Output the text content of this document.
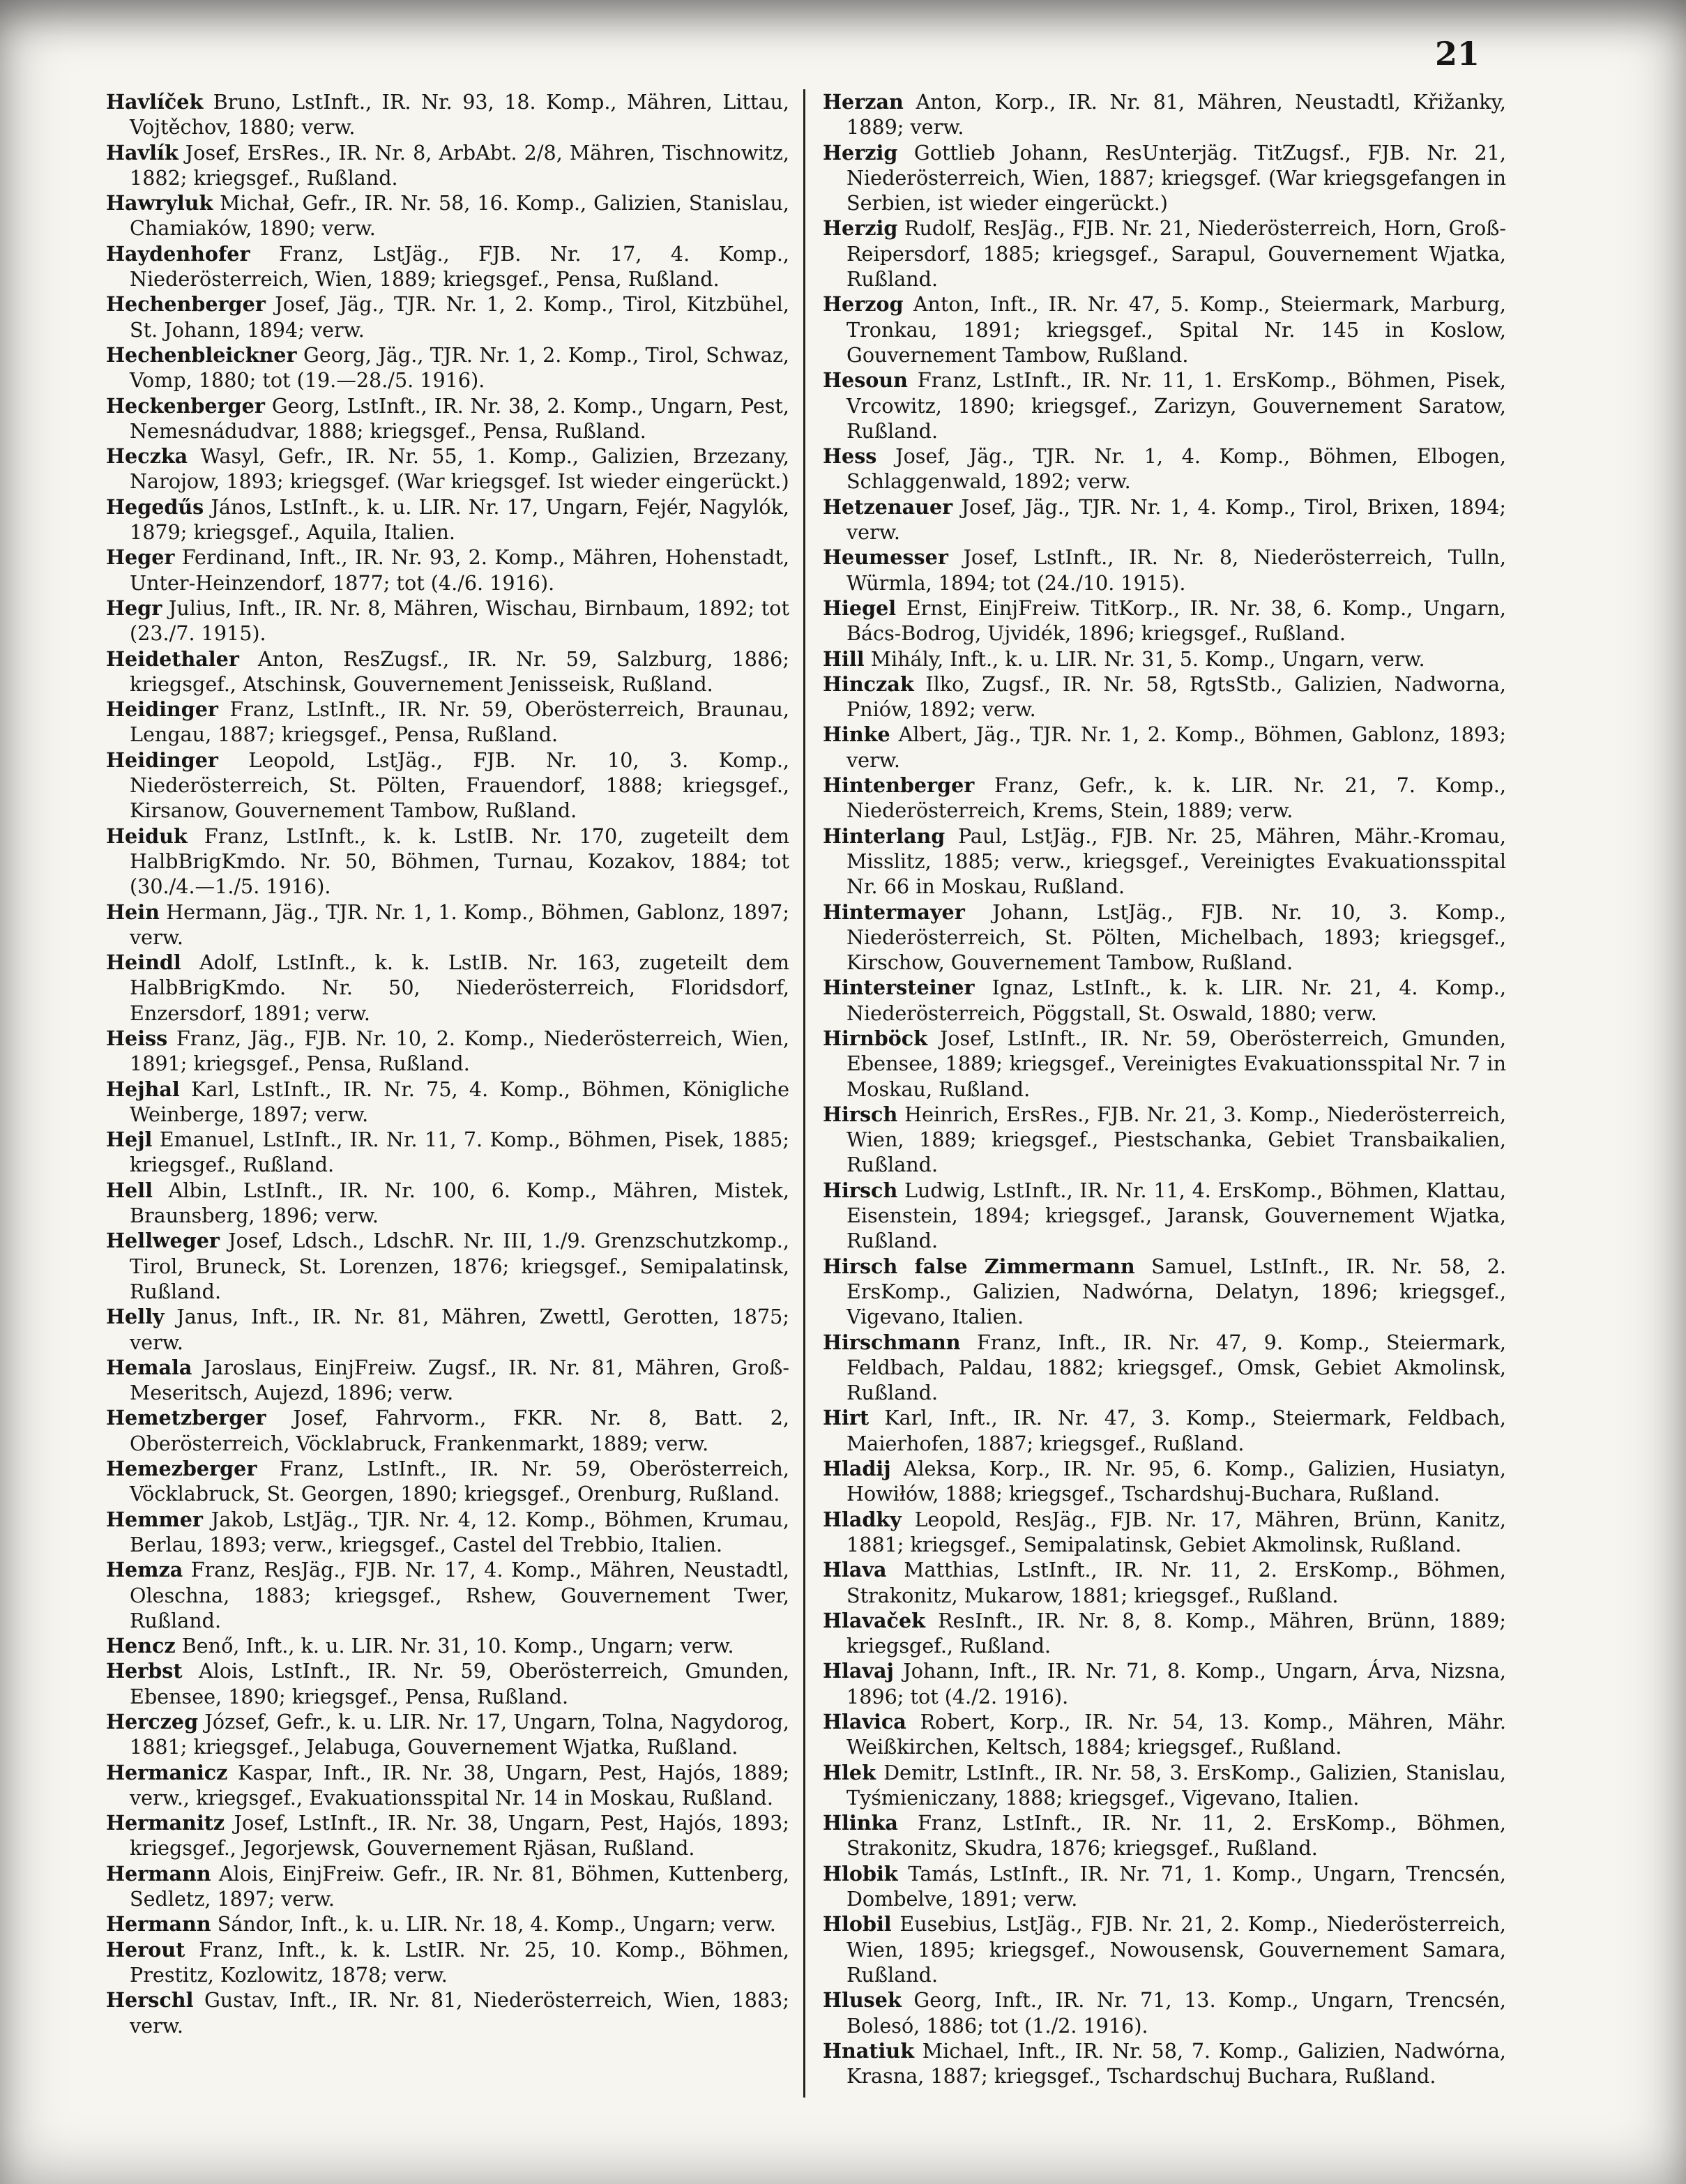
21

Havlíček Bruno, LstInft., IR. Nr. 93, 18. Komp., Mähren, Littau, Vojtěchov, 1880; verw.

Havlík Josef, ErsRes., IR. Nr. 8, ArbAbt. 2/8, Mähren, Tischnowitz, 1882; kriegsgef., Rußland.

Hawryluk Michał, Gefr., IR. Nr. 58, 16. Komp., Galizien, Stanislau, Chamiaków, 1890; verw.

Haydenhofer Franz, LstJäg., FJB. Nr. 17, 4. Komp., Niederösterreich, Wien, 1889; kriegsgef., Pensa, Rußland.

Hechenberger Josef, Jäg., TJR. Nr. 1, 2. Komp., Tirol, Kitzbühel, St. Johann, 1894; verw.

Hechenbleickner Georg, Jäg., TJR. Nr. 1, 2. Komp., Tirol, Schwaz, Vomp, 1880; tot (19.—28./5. 1916).

Heckenberger Georg, LstInft., IR. Nr. 38, 2. Komp., Ungarn, Pest, Nemesnádudvar, 1888; kriegsgef., Pensa, Rußland.

Heczka Wasyl, Gefr., IR. Nr. 55, 1. Komp., Galizien, Brzezany, Narojow, 1893; kriegsgef. (War kriegsgef. Ist wieder eingerückt.)

Hegedűs János, LstInft., k. u. LIR. Nr. 17, Ungarn, Fejér, Nagylók, 1879; kriegsgef., Aquila, Italien.

Heger Ferdinand, Inft., IR. Nr. 93, 2. Komp., Mähren, Hohenstadt, Unter-Heinzendorf, 1877; tot (4./6. 1916).

Hegr Julius, Inft., IR. Nr. 8, Mähren, Wischau, Birnbaum, 1892; tot (23./7. 1915).

Heidethaler Anton, ResZugsf., IR. Nr. 59, Salzburg, 1886; kriegsgef., Atschinsk, Gouvernement Jenisseisk, Rußland.

Heidinger Franz, LstInft., IR. Nr. 59, Oberösterreich, Braunau, Lengau, 1887; kriegsgef., Pensa, Rußland.

Heidinger Leopold, LstJäg., FJB. Nr. 10, 3. Komp., Niederösterreich, St. Pölten, Frauendorf, 1888; kriegsgef., Kirsanow, Gouvernement Tambow, Rußland.

Heiduk Franz, LstInft., k. k. LstIB. Nr. 170, zugeteilt dem HalbBrigKmdo. Nr. 50, Böhmen, Turnau, Kozakov, 1884; tot (30./4.—1./5. 1916).

Hein Hermann, Jäg., TJR. Nr. 1, 1. Komp., Böhmen, Gablonz, 1897; verw.

Heindl Adolf, LstInft., k. k. LstIB. Nr. 163, zugeteilt dem HalbBrigKmdo. Nr. 50, Niederösterreich, Floridsdorf, Enzersdorf, 1891; verw.

Heiss Franz, Jäg., FJB. Nr. 10, 2. Komp., Niederösterreich, Wien, 1891; kriegsgef., Pensa, Rußland.

Hejhal Karl, LstInft., IR. Nr. 75, 4. Komp., Böhmen, Königliche Weinberge, 1897; verw.

Hejl Emanuel, LstInft., IR. Nr. 11, 7. Komp., Böhmen, Pisek, 1885; kriegsgef., Rußland.

Hell Albin, LstInft., IR. Nr. 100, 6. Komp., Mähren, Mistek, Braunsberg, 1896; verw.

Hellweger Josef, Ldsch., LdschR. Nr. III, 1./9. Grenzschutzkomp., Tirol, Bruneck, St. Lorenzen, 1876; kriegsgef., Semipalatinsk, Rußland.

Helly Janus, Inft., IR. Nr. 81, Mähren, Zwettl, Gerotten, 1875; verw.

Hemala Jaroslaus, EinjFreiw. Zugsf., IR. Nr. 81, Mähren, Groß-Meseritsch, Aujezd, 1896; verw.

Hemetzberger Josef, Fahrvorm., FKR. Nr. 8, Batt. 2, Oberösterreich, Vöcklabruck, Frankenmarkt, 1889; verw.

Hemezberger Franz, LstInft., IR. Nr. 59, Oberösterreich, Vöcklabruck, St. Georgen, 1890; kriegsgef., Orenburg, Rußland.

Hemmer Jakob, LstJäg., TJR. Nr. 4, 12. Komp., Böhmen, Krumau, Berlau, 1893; verw., kriegsgef., Castel del Trebbio, Italien.

Hemza Franz, ResJäg., FJB. Nr. 17, 4. Komp., Mähren, Neustadtl, Oleschna, 1883; kriegsgef., Rshew, Gouvernement Twer, Rußland.

Hencz Benő, Inft., k. u. LIR. Nr. 31, 10. Komp., Ungarn; verw.

Herbst Alois, LstInft., IR. Nr. 59, Oberösterreich, Gmunden, Ebensee, 1890; kriegsgef., Pensa, Rußland.

Herczeg József, Gefr., k. u. LIR. Nr. 17, Ungarn, Tolna, Nagydorog, 1881; kriegsgef., Jelabuga, Gouvernement Wjatka, Rußland.

Hermanicz Kaspar, Inft., IR. Nr. 38, Ungarn, Pest, Hajós, 1889; verw., kriegsgef., Evakuationsspital Nr. 14 in Moskau, Rußland.

Hermanitz Josef, LstInft., IR. Nr. 38, Ungarn, Pest, Hajós, 1893; kriegsgef., Jegorjewsk, Gouvernement Rjäsan, Rußland.

Hermann Alois, EinjFreiw. Gefr., IR. Nr. 81, Böhmen, Kuttenberg, Sedletz, 1897; verw.

Hermann Sándor, Inft., k. u. LIR. Nr. 18, 4. Komp., Ungarn; verw.

Herout Franz, Inft., k. k. LstIR. Nr. 25, 10. Komp., Böhmen, Prestitz, Kozlowitz, 1878; verw.

Herschl Gustav, Inft., IR. Nr. 81, Niederösterreich, Wien, 1883; verw.

Herzan Anton, Korp., IR. Nr. 81, Mähren, Neustadtl, Křižanky, 1889; verw.

Herzig Gottlieb Johann, ResUnterjäg. TitZugsf., FJB. Nr. 21, Niederösterreich, Wien, 1887; kriegsgef. (War kriegsgefangen in Serbien, ist wieder eingerückt.)

Herzig Rudolf, ResJäg., FJB. Nr. 21, Niederösterreich, Horn, Groß-Reipersdorf, 1885; kriegsgef., Sarapul, Gouvernement Wjatka, Rußland.

Herzog Anton, Inft., IR. Nr. 47, 5. Komp., Steiermark, Marburg, Tronkau, 1891; kriegsgef., Spital Nr. 145 in Koslow, Gouvernement Tambow, Rußland.

Hesoun Franz, LstInft., IR. Nr. 11, 1. ErsKomp., Böhmen, Pisek, Vrcowitz, 1890; kriegsgef., Zarizyn, Gouvernement Saratow, Rußland.

Hess Josef, Jäg., TJR. Nr. 1, 4. Komp., Böhmen, Elbogen, Schlaggenwald, 1892; verw.

Hetzenauer Josef, Jäg., TJR. Nr. 1, 4. Komp., Tirol, Brixen, 1894; verw.

Heumesser Josef, LstInft., IR. Nr. 8, Niederösterreich, Tulln, Würmla, 1894; tot (24./10. 1915).

Hiegel Ernst, EinjFreiw. TitKorp., IR. Nr. 38, 6. Komp., Ungarn, Bács-Bodrog, Ujvidék, 1896; kriegsgef., Rußland.

Hill Mihály, Inft., k. u. LIR. Nr. 31, 5. Komp., Ungarn, verw.

Hinczak Ilko, Zugsf., IR. Nr. 58, RgtsStb., Galizien, Nadworna, Pniów, 1892; verw.

Hinke Albert, Jäg., TJR. Nr. 1, 2. Komp., Böhmen, Gablonz, 1893; verw.

Hintenberger Franz, Gefr., k. k. LIR. Nr. 21, 7. Komp., Niederösterreich, Krems, Stein, 1889; verw.

Hinterlang Paul, LstJäg., FJB. Nr. 25, Mähren, Mähr.-Kromau, Misslitz, 1885; verw., kriegsgef., Vereinigtes Evakuationsspital Nr. 66 in Moskau, Rußland.

Hintermayer Johann, LstJäg., FJB. Nr. 10, 3. Komp., Niederösterreich, St. Pölten, Michelbach, 1893; kriegsgef., Kirschow, Gouvernement Tambow, Rußland.

Hintersteiner Ignaz, LstInft., k. k. LIR. Nr. 21, 4. Komp., Niederösterreich, Pöggstall, St. Oswald, 1880; verw.

Hirnböck Josef, LstInft., IR. Nr. 59, Oberösterreich, Gmunden, Ebensee, 1889; kriegsgef., Vereinigtes Evakuationsspital Nr. 7 in Moskau, Rußland.

Hirsch Heinrich, ErsRes., FJB. Nr. 21, 3. Komp., Niederösterreich, Wien, 1889; kriegsgef., Piestschanka, Gebiet Transbaikalien, Rußland.

Hirsch Ludwig, LstInft., IR. Nr. 11, 4. ErsKomp., Böhmen, Klattau, Eisenstein, 1894; kriegsgef., Jaransk, Gouvernement Wjatka, Rußland.

Hirsch false Zimmermann Samuel, LstInft., IR. Nr. 58, 2. ErsKomp., Galizien, Nadwórna, Delatyn, 1896; kriegsgef., Vigevano, Italien.

Hirschmann Franz, Inft., IR. Nr. 47, 9. Komp., Steiermark, Feldbach, Paldau, 1882; kriegsgef., Omsk, Gebiet Akmolinsk, Rußland.

Hirt Karl, Inft., IR. Nr. 47, 3. Komp., Steiermark, Feldbach, Maierhofen, 1887; kriegsgef., Rußland.

Hladij Aleksa, Korp., IR. Nr. 95, 6. Komp., Galizien, Husiatyn, Howiłów, 1888; kriegsgef., Tschardshuj-Buchara, Rußland.

Hladky Leopold, ResJäg., FJB. Nr. 17, Mähren, Brünn, Kanitz, 1881; kriegsgef., Semipalatinsk, Gebiet Akmolinsk, Rußland.

Hlava Matthias, LstInft., IR. Nr. 11, 2. ErsKomp., Böhmen, Strakonitz, Mukarow, 1881; kriegsgef., Rußland.

Hlavaček ResInft., IR. Nr. 8, 8. Komp., Mähren, Brünn, 1889; kriegsgef., Rußland.

Hlavaj Johann, Inft., IR. Nr. 71, 8. Komp., Ungarn, Árva, Nizsna, 1896; tot (4./2. 1916).

Hlavica Robert, Korp., IR. Nr. 54, 13. Komp., Mähren, Mähr. Weißkirchen, Keltsch, 1884; kriegsgef., Rußland.

Hlek Demitr, LstInft., IR. Nr. 58, 3. ErsKomp., Galizien, Stanislau, Tyśmieniczany, 1888; kriegsgef., Vigevano, Italien.

Hlinka Franz, LstInft., IR. Nr. 11, 2. ErsKomp., Böhmen, Strakonitz, Skudra, 1876; kriegsgef., Rußland.

Hlobik Tamás, LstInft., IR. Nr. 71, 1. Komp., Ungarn, Trencsén, Dombelve, 1891; verw.

Hlobil Eusebius, LstJäg., FJB. Nr. 21, 2. Komp., Niederösterreich, Wien, 1895; kriegsgef., Nowousensk, Gouvernement Samara, Rußland.

Hlusek Georg, Inft., IR. Nr. 71, 13. Komp., Ungarn, Trencsén, Bolesó, 1886; tot (1./2. 1916).

Hnatiuk Michael, Inft., IR. Nr. 58, 7. Komp., Galizien, Nadwórna, Krasna, 1887; kriegsgef., Tschardschuj Buchara, Rußland.
